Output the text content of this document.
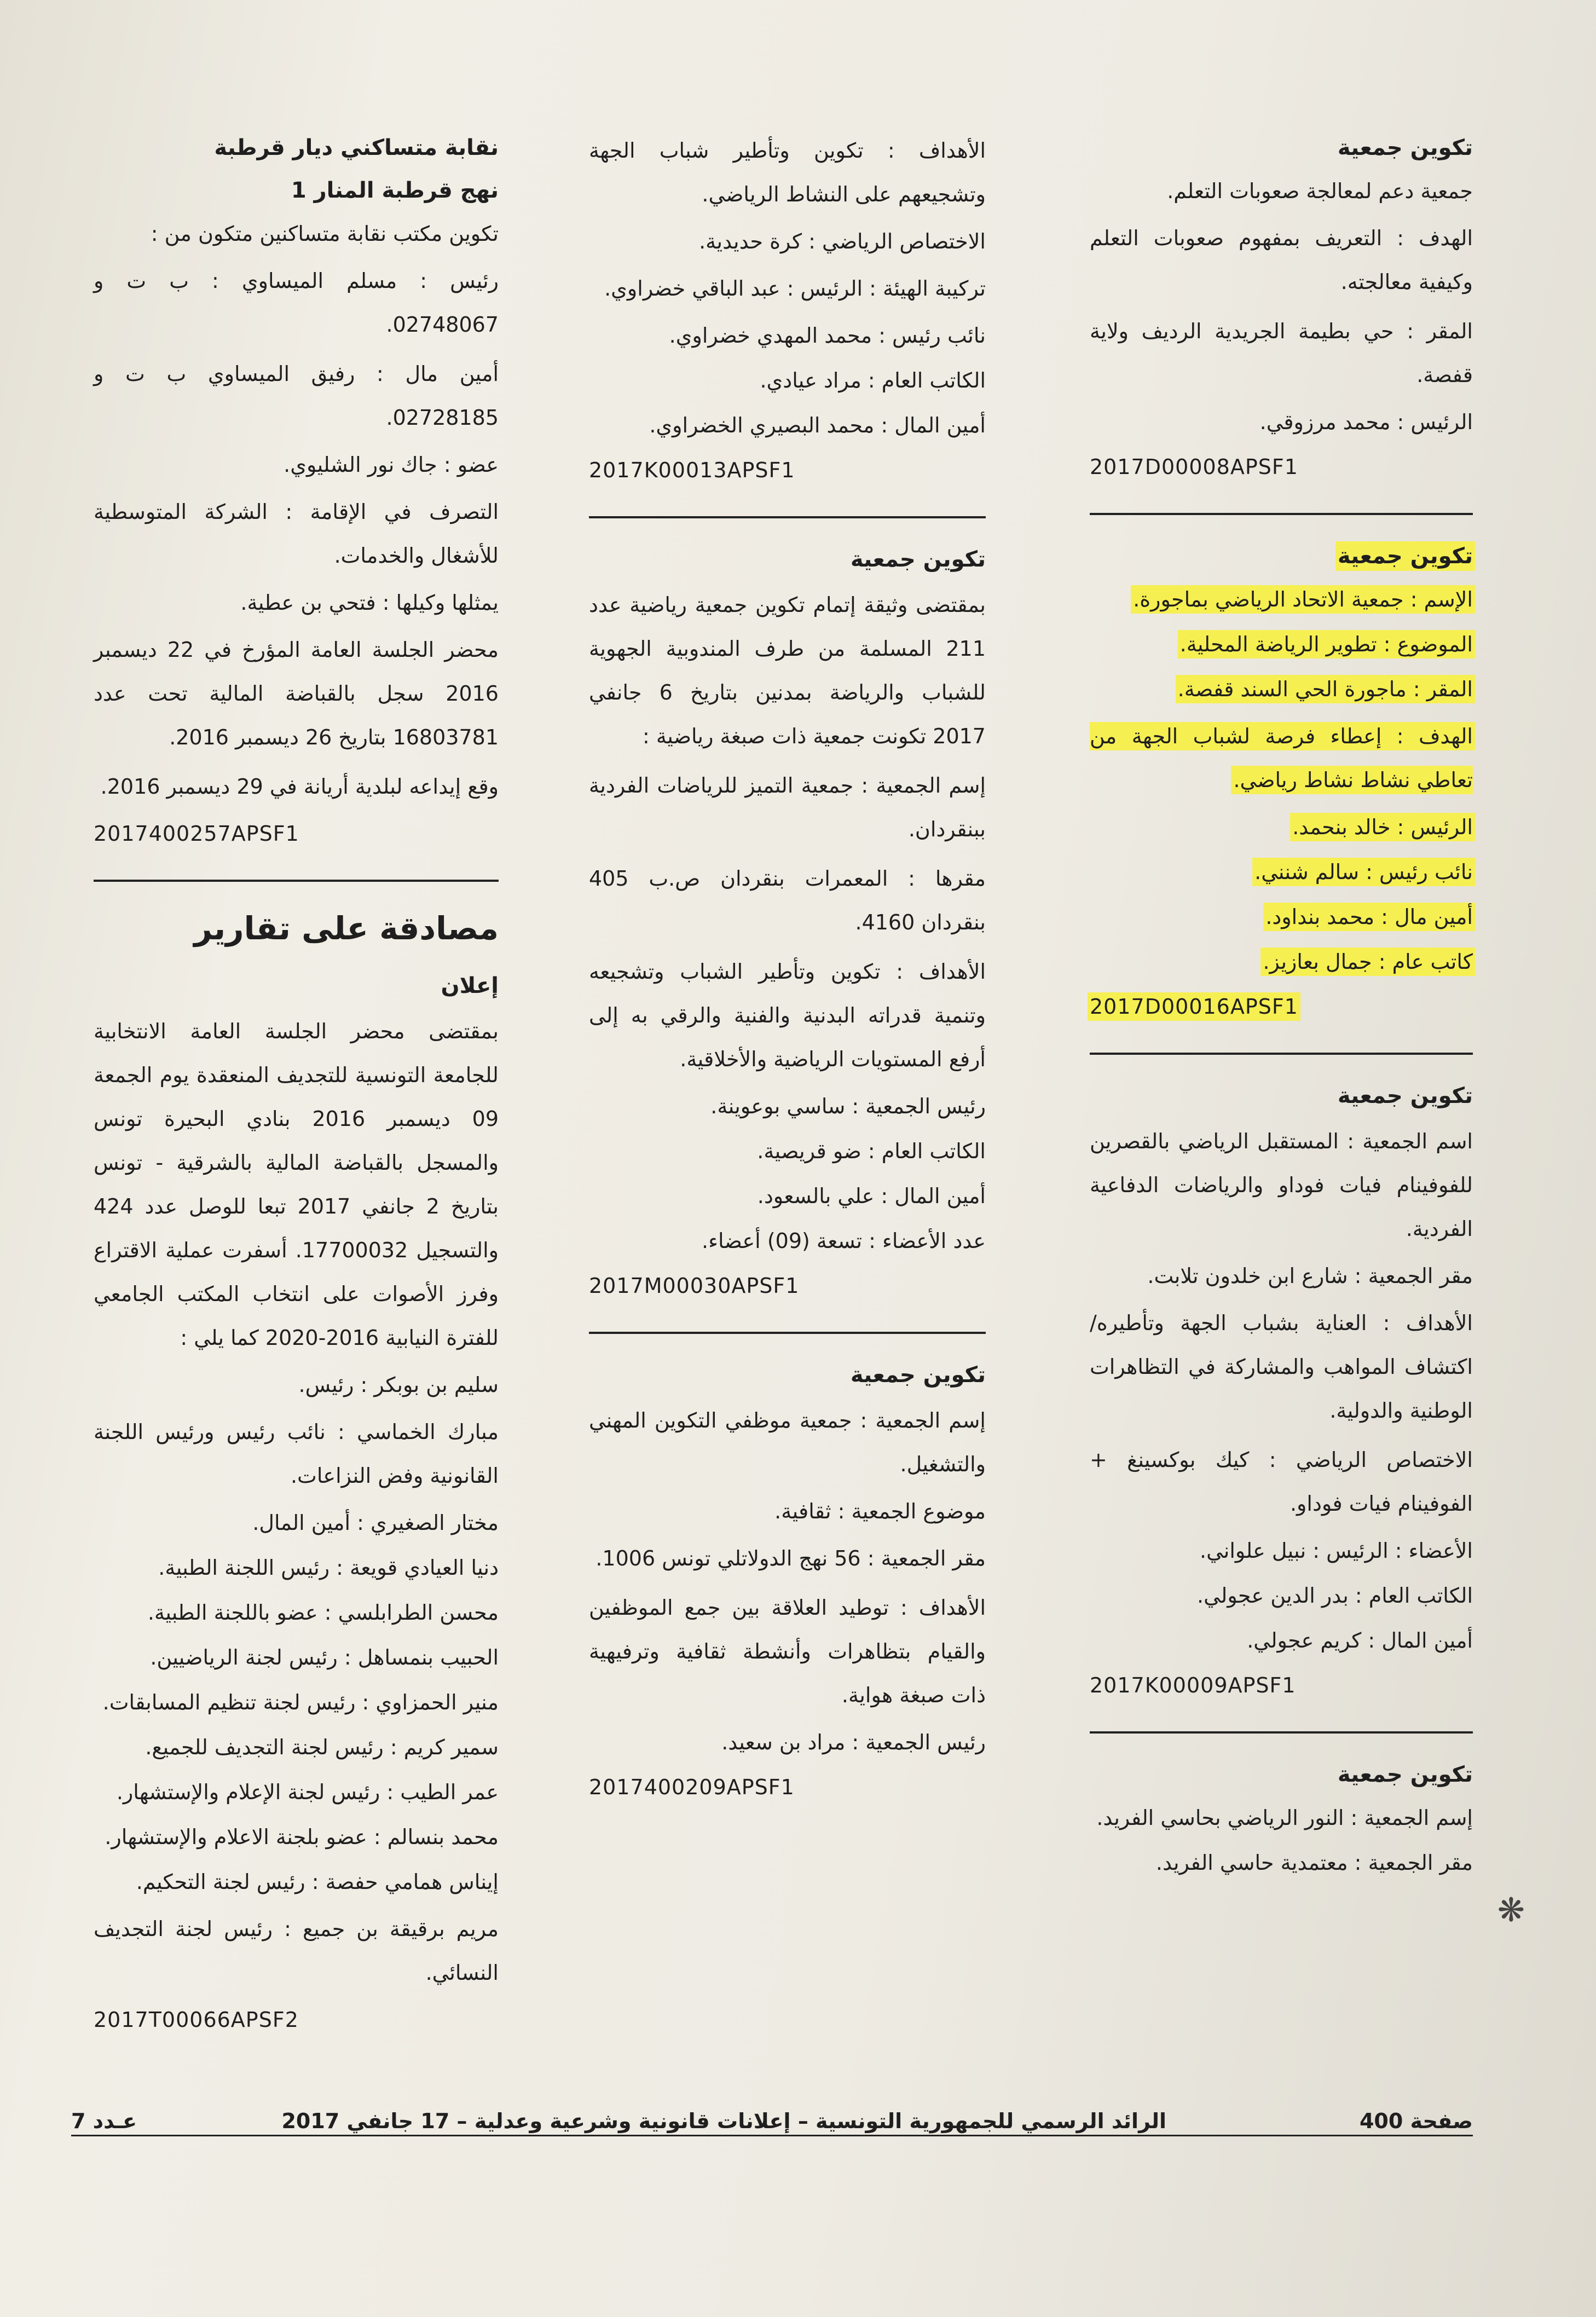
تكوين جمعية
جمعية دعم لمعالجة صعوبات التعلم.
الهدف : التعريف بمفهوم صعوبات التعلم وكيفية معالجته.
المقر : حي بطيمة الجريدية الرديف ولاية قفصة.
الرئيس : محمد مرزوقي.
2017D00008APSF1
تكوين جمعية
الإسم : جمعية الاتحاد الرياضي بماجورة.
الموضوع : تطوير الرياضة المحلية.
المقر : ماجورة الحي السند قفصة.
الهدف : إعطاء فرصة لشباب الجهة من تعاطي نشاط نشاط رياضي.
الرئيس : خالد بنحمد.
نائب رئيس : سالم شنني.
أمين مال : محمد بنداود.
كاتب عام : جمال بعازيز.
2017D00016APSF1
تكوين جمعية
اسم الجمعية : المستقبل الرياضي بالقصرين للفوفينام فيات فوداو والرياضات الدفاعية الفردية.
مقر الجمعية : شارع ابن خلدون تلابت.
الأهداف : العناية بشباب الجهة وتأطيره/ اكتشاف المواهب والمشاركة في التظاهرات الوطنية والدولية.
الاختصاص الرياضي : كيك بوكسينغ + الفوفينام فيات فوداو.
الأعضاء : الرئيس : نبيل علواني.
الكاتب العام : بدر الدين عجولي.
أمين المال : كريم عجولي.
2017K00009APSF1
تكوين جمعية
إسم الجمعية : النور الرياضي بحاسي الفريد.
مقر الجمعية : معتمدية حاسي الفريد.
الأهداف : تكوين وتأطير شباب الجهة وتشجيعهم على النشاط الرياضي.
الاختصاص الرياضي : كرة حديدية.
تركيبة الهيئة : الرئيس : عبد الباقي خضراوي.
نائب رئيس : محمد المهدي خضراوي.
الكاتب العام : مراد عيادي.
أمين المال : محمد البصيري الخضراوي.
2017K00013APSF1
تكوين جمعية
بمقتضى وثيقة إتمام تكوين جمعية رياضية عدد 211 المسلمة من طرف المندوبية الجهوية للشباب والرياضة بمدنين بتاريخ 6 جانفي 2017 تكونت جمعية ذات صبغة رياضية :
إسم الجمعية : جمعية التميز للرياضات الفردية ببنقردان.
مقرها : المعمرات بنقردان ص.ب 405 بنقردان 4160.
الأهداف : تكوين وتأطير الشباب وتشجيعه وتنمية قدراته البدنية والفنية والرقي به إلى أرفع المستويات الرياضية والأخلاقية.
رئيس الجمعية : ساسي بوعوينة.
الكاتب العام : ضو قريصية.
أمين المال : علي بالسعود.
عدد الأعضاء : تسعة (09) أعضاء.
2017M00030APSF1
تكوين جمعية
إسم الجمعية : جمعية موظفي التكوين المهني والتشغيل.
موضوع الجمعية : ثقافية.
مقر الجمعية : 56 نهج الدولاتلي تونس 1006.
الأهداف : توطيد العلاقة بين جمع الموظفين والقيام بتظاهرات وأنشطة ثقافية وترفيهية ذات صبغة هواية.
رئيس الجمعية : مراد بن سعيد.
2017400209APSF1
نقابة متساكني ديار قرطبة
نهج قرطبة المنار 1
تكوين مكتب نقابة متساكنين متكون من :
رئيس : مسلم الميساوي : ب ت و 02748067.
أمين مال : رفيق الميساوي ب ت و 02728185.
عضو : جاك نور الشليوي.
التصرف في الإقامة : الشركة المتوسطية للأشغال والخدمات.
يمثلها وكيلها : فتحي بن عطية.
محضر الجلسة العامة المؤرخ في 22 ديسمبر 2016 سجل بالقباضة المالية تحت عدد 16803781 بتاريخ 26 ديسمبر 2016.
وقع إيداعه لبلدية أريانة في 29 ديسمبر 2016.
2017400257APSF1
مصادقة على تقارير
إعلان
بمقتضى محضر الجلسة العامة الانتخابية للجامعة التونسية للتجديف المنعقدة يوم الجمعة 09 ديسمبر 2016 بنادي البحيرة تونس والمسجل بالقباضة المالية بالشرقية - تونس بتاريخ 2 جانفي 2017 تبعا للوصل عدد 424 والتسجيل 17700032. أسفرت عملية الاقتراع وفرز الأصوات على انتخاب المكتب الجامعي للفترة النيابية 2016-2020 كما يلي :
سليم بن بوبكر : رئيس.
مبارك الخماسي : نائب رئيس ورئيس اللجنة القانونية وفض النزاعات.
مختار الصغيري : أمين المال.
دنيا العيادي قويعة : رئيس اللجنة الطبية.
محسن الطرابلسي : عضو باللجنة الطبية.
الحبيب بنمساهل : رئيس لجنة الرياضيين.
منير الحمزاوي : رئيس لجنة تنظيم المسابقات.
سمير كريم : رئيس لجنة التجديف للجميع.
عمر الطيب : رئيس لجنة الإعلام والإستشهار.
محمد بنسالم : عضو بلجنة الاعلام والإستشهار.
إيناس همامي حفصة : رئيس لجنة التحكيم.
مريم برقيقة بن جميع : رئيس لجنة التجديف النسائي.
2017T00066APSF2
❋
صفحة 400
الرائد الرسمي للجمهورية التونسية – إعلانات قانونية وشرعية وعدلية – 17 جانفي 2017
عـدد 7
